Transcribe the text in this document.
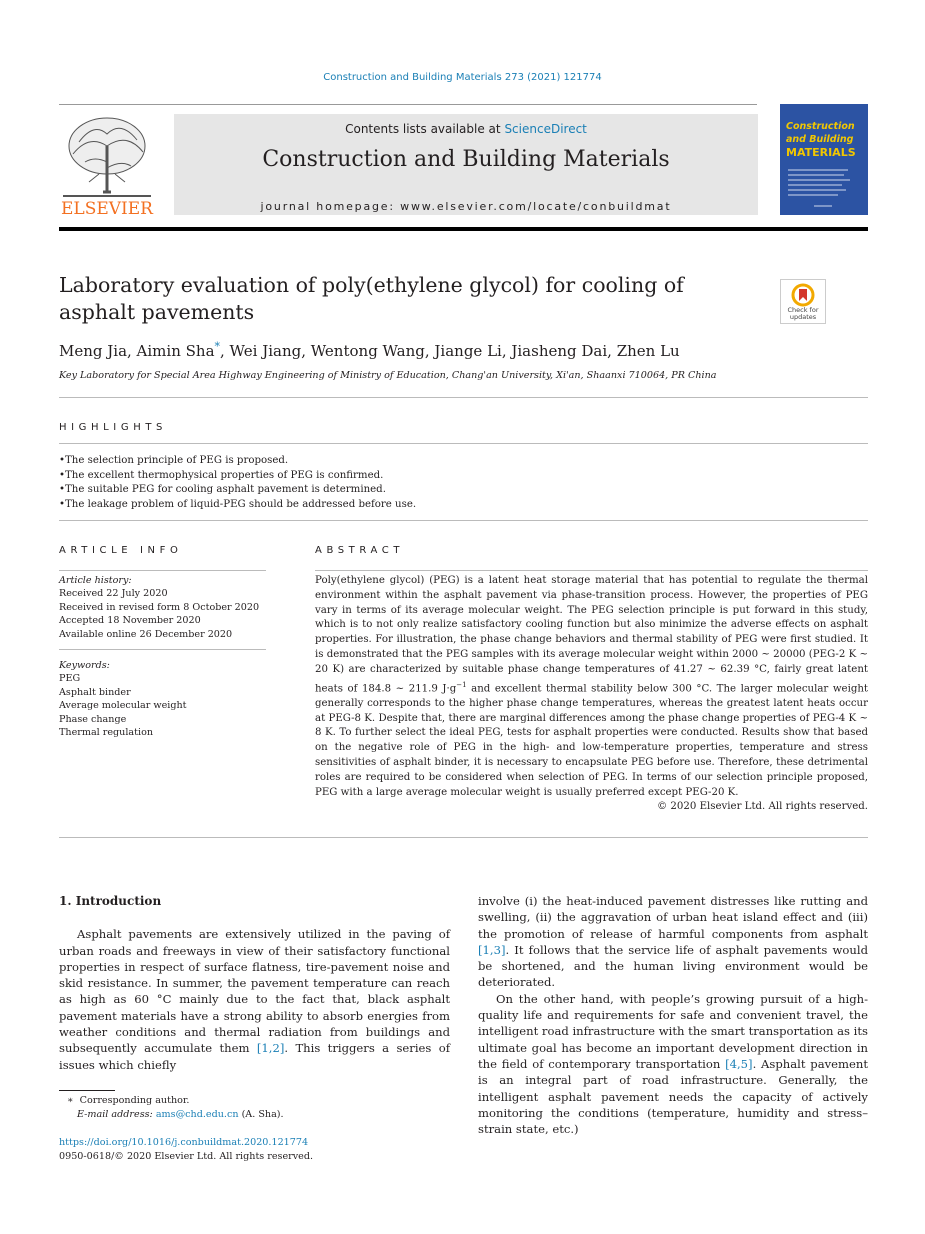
Construction and Building Materials 273 (2021) 121774
ELSEVIER
Contents lists available at ScienceDirect
Construction and Building Materials
journal homepage: www.elsevier.com/locate/conbuildmat
Construction
and Building
MATERIALS
Laboratory evaluation of poly(ethylene glycol) for cooling of asphalt pavements	Check for
updates
Meng Jia, Aimin Sha*, Wei Jiang, Wentong Wang, Jiange Li, Jiasheng Dai, Zhen Lu
Key Laboratory for Special Area Highway Engineering of Ministry of Education, Chang'an University, Xi'an, Shaanxi 710064, PR China
HIGHLIGHTS
• The selection principle of PEG is proposed.
• The excellent thermophysical properties of PEG is confirmed.
• The suitable PEG for cooling asphalt pavement is determined.
• The leakage problem of liquid-PEG should be addressed before use.
ARTICLE INFO
Article history:
Received 22 July 2020
Received in revised form 8 October 2020
Accepted 18 November 2020
Available online 26 December 2020
Keywords:
PEG
Asphalt binder
Average molecular weight
Phase change
Thermal regulation
ABSTRACT
Poly(ethylene glycol) (PEG) is a latent heat storage material that has potential to regulate the thermal environment within the asphalt pavement via phase-transition process. However, the properties of PEG vary in terms of its average molecular weight. The PEG selection principle is put forward in this study, which is to not only realize satisfactory cooling function but also minimize the adverse effects on asphalt properties. For illustration, the phase change behaviors and thermal stability of PEG were first studied. It is demonstrated that the PEG samples with its average molecular weight within 2000 ~ 20000 (PEG-2 K ~ 20 K) are characterized by suitable phase change temperatures of 41.27 ~ 62.39 °C, fairly great latent heats of 184.8 ~ 211.9 $J\cdot g^{-1}$ and excellent thermal stability below 300 °C. The larger molecular weight generally corresponds to the higher phase change temperatures, whereas the greatest latent heats occur at PEG-8 K. Despite that, there are marginal differences among the phase change properties of PEG-4 K ~ 8 K. To further select the ideal PEG, tests for asphalt properties were conducted. Results show that based on the negative role of PEG in the high- and low-temperature properties, temperature and stress sensitivities of asphalt binder, it is necessary to encapsulate PEG before use. Therefore, these detrimental roles are required to be considered when selection of PEG. In terms of our selection principle proposed, PEG with a large average molecular weight is usually preferred except PEG-20 K.
© 2020 Elsevier Ltd. All rights reserved.
1. Introduction

Asphalt pavements are extensively utilized in the paving of urban roads and freeways in view of their satisfactory functional properties in respect of surface flatness, tire-pavement noise and skid resistance. In summer, the pavement temperature can reach as high as 60 °C mainly due to the fact that, black asphalt pavement materials have a strong ability to absorb energies from weather conditions and thermal radiation from buildings and subsequently accumulate them [1,2]. This triggers a series of issues which chiefly

involve (i) the heat-induced pavement distresses like rutting and swelling, (ii) the aggravation of urban heat island effect and (iii) the promotion of release of harmful components from asphalt [1,3]. It follows that the service life of asphalt pavements would be shortened, and the human living environment would be deteriorated.

On the other hand, with people’s growing pursuit of a high-quality life and requirements for safe and convenient travel, the intelligent road infrastructure with the smart transportation as its ultimate goal has become an important development direction in the field of contemporary transportation [4,5]. Asphalt pavement is an integral part of road infrastructure. Generally, the intelligent asphalt pavement needs the capacity of actively monitoring the conditions (temperature, humidity and stress–strain state, etc.)

∗  Corresponding author.
E-mail address: ams@chd.edu.cn (A. Sha).
https://doi.org/10.1016/j.conbuildmat.2020.121774
0950-0618/© 2020 Elsevier Ltd. All rights reserved.
